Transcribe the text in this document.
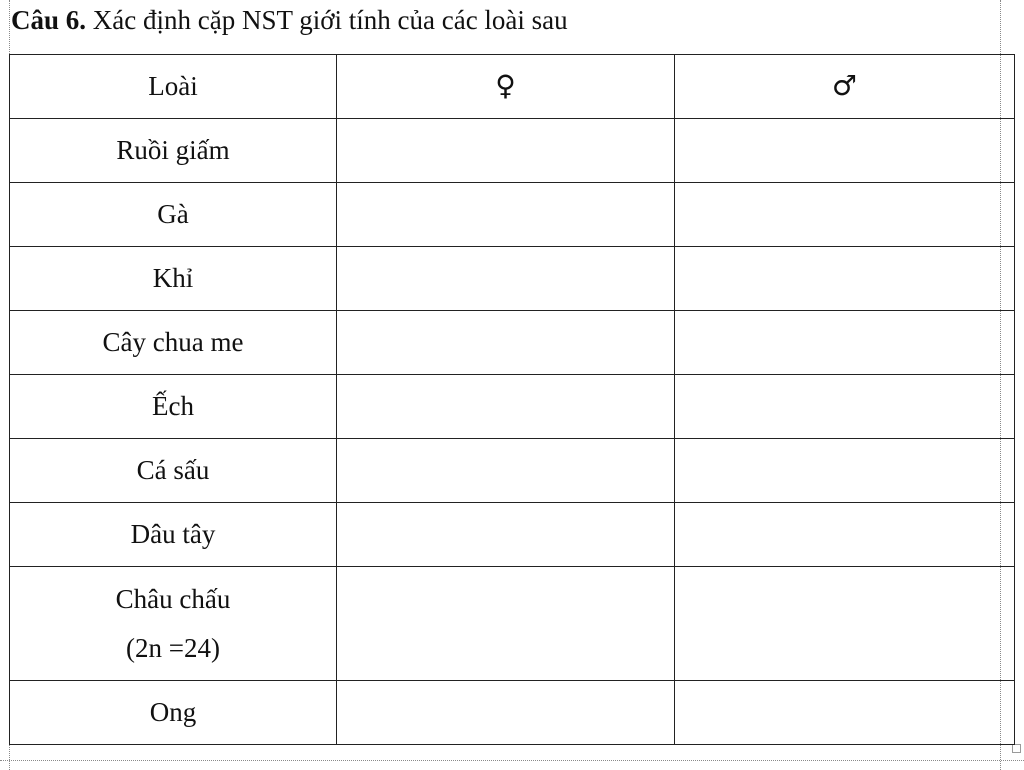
Câu 6. Xác định cặp NST giới tính của các loài sau
Loài	♀	♂
Ruồi giấm		
Gà		
Khỉ		
Cây chua me		
Ếch		
Cá sấu		
Dâu tây		
Châu chấu
(2n =24)		

Ong		
